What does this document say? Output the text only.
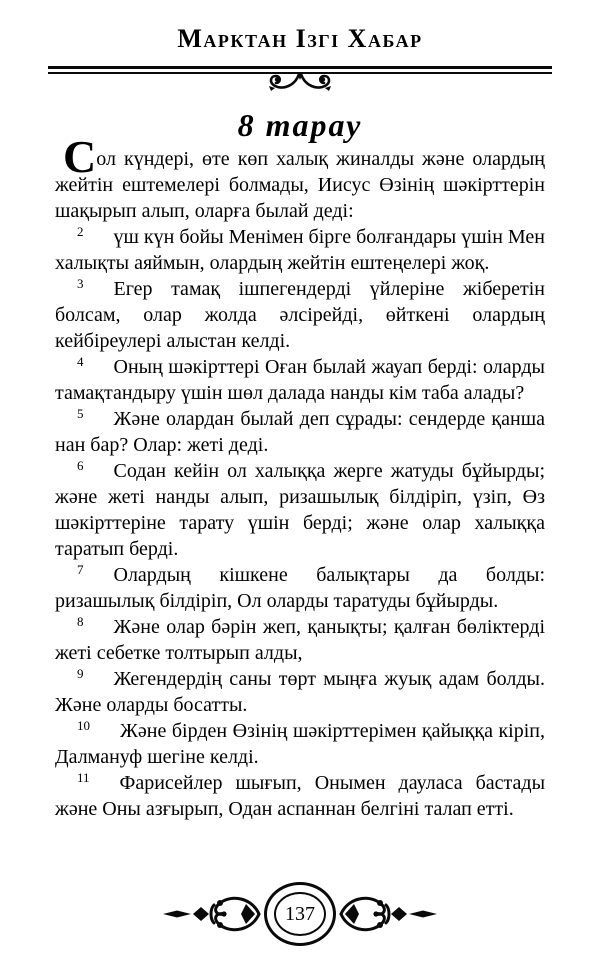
Марктан Ізгі Хабар
8 тарау

Сол күндері, өте көп халық жиналды және олардың жейтін ештемелері болмады, Иисус Өзінің шәкірттерін шақырып алып, оларға былай деді:

$^2$ үш күн бойы Менімен бірге болғандары үшін Мен халықты аяймын, олардың жейтін ештеңелері жоқ.

$^3$ Егер тамақ ішпегендерді үйлеріне жіберетін болсам, олар жолда әлсірейді, өйткені олардың кейбіреулері алыстан келді.

$^4$ Оның шәкірттері Оған былай жауап берді: оларды тамақтандыру үшін шөл далада нанды кім таба алады?

$^5$ Және олардан былай деп сұрады: сендерде қанша нан бар? Олар: жеті деді.

$^6$ Содан кейін ол халыққа жерге жатуды бұйырды; және жеті нанды алып, ризашылық білдіріп, үзіп, Өз шәкірттеріне тарату үшін берді; және олар халыққа таратып берді.

$^7$ Олардың кішкене балықтары да болды: ризашылық білдіріп, Ол оларды таратуды бұйырды.

$^8$ Және олар бәрін жеп, қанықты; қалған бөліктерді жеті себетке толтырып алды,

$^9$ Жегендердің саны төрт мыңға жуық адам болды. Және оларды босатты.

$^{10}$ Және бірден Өзінің шәкірттерімен қайыққа кіріп, Далмануф шегіне келді.

$^{11}$ Фарисейлер шығып, Онымен дауласа бастады және Оны азғырып, Одан аспаннан белгіні талап етті.

137
